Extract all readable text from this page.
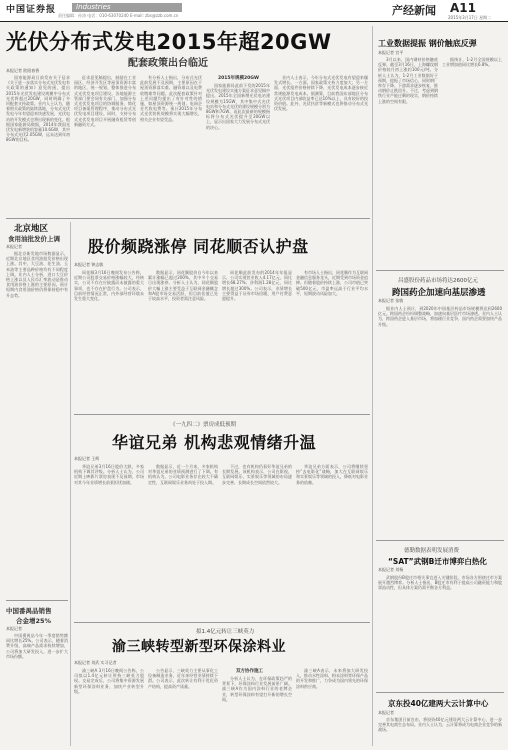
中国证券报	Industries
责任编辑：孙涛 电话：010-63070240 E-mail: zbs@zzb.com.cn	产经新闻 A11
2015年3月17日 星期二
光伏分布式发电2015年超20GW
配套政策出台临近
本报记者 欧阳春香

国家能源局日前发布关于征求《关于进一步落实分布式光伏发电有关政策的通知》意见的函，提出2015年光伏发电建设规模中分布式光伏将超过20GW，同时明确了多项配套支持政策。业内人士认为，随着相关政策的陆续落地，分布式光伏发电今年有望迎来快速发展，光伏电站的开发模式也将出现新的变化。根据国家能源局数据，2014年我国光伏发电新增装机容量10.6GW，其中分布式光伏2.05GW，远未达到年初8GW的目标。

征求意见稿提出，鼓励在工业园区、经济开发区等屋顶资源丰富的地区，统一规划、整体推进分布式光伏发电项目建设。各地能源主管部门要会同有关部门，加强分布式光伏发电项目的协调服务，简化项目备案管理程序，推动分布式光伏发电项目建设。同时，支持分布式光伏发电项目开展融资租赁等创新融资方式。

有分析人士指出，分布式光伏此前发展不及预期，主要原因在于屋顶资源落实难、融资难以及电费收缴难等问题。此次配套政策针对上述问题均提出了有针对性的措施，如屋顶资源统一规划、电网企业代收电费等。预计2015年分布式光伏装机规模将实现大幅增长，相关企业有望受益。

2015年规模20GW

国家能源局此前下发的2015年光伏发电建设实施方案征求意见稿中提出，2015年全国新增光伏电站建设规模为15GW，其中集中式光伏电站和分布式光伏的建设规模分别为8GW和7GW。而此次最新的规模指标将分布式光伏提升至20GW以上，显示出国家大力发展分布式光伏的决心。

业内人士表示，今年分布式光伏发电有望迎来爆发式增长。一方面，国家政策支持力度加大；另一方面，光伏组件价格持续下降，光伏发电成本逐步接近常规能源发电成本。据测算，目前我国东部地区分布式光伏项目内部收益率已达10%以上，具有较好的投资价值。此外，光伏扶贫等新模式也将推动分布式光伏发展。

北京地区
食用油批发价上调
本报记者

据北京新发地市场数据显示，近期北京地区食用油批发价格出现上涨。其中，大豆油、花生油、玉米油等主要品种价格均有不同程度上调。业内人士分析，进口大豆价格上涨以及人民币汇率波动是推动食用油价格上涨的主要原因。预计短期内食用油价格仍将保持稳中有升态势。

中国番禺品销售
合金增25%
本报记者

中国番禺品今年一季度销售额同比增长25%。公司表示，随着消费升级，高端产品需求持续增加，公司将加大研发投入，进一步扩大市场份额。

股价频跷涨停 同花顺否认护盘
本报记者 钟志敏

同花顺3月16日晚间发布公告称，近期公司股票交易价格涨幅较大，经核实，公司不存在应披露而未披露的重大事项，也不存在护盘行为。公司表示，目前经营情况正常，内外部经营环境未发生重大变化。

数据显示，同花顺股价自今年以来累计涨幅已超过200%，其中多个交易日出现涨停。分析人士认为，同花顺股价大幅上涨主要受益于互联网金融概念和A股市场交易活跃，但目前估值已处于较高水平，投资者需注意风险。

同花顺此前发布的2014年年报显示，公司实现营业收入4.17亿元，同比增长68.27%；净利润1.28亿元，同比增长超过300%。公司表示，业绩增长主要得益于证券市场回暖，用户付费意愿提升。

有市场人士指出，同花顺作为互联网金融信息服务龙头，近期受到市场资金追捧。但随着股价持续上涨，公司市值已突破500亿元，市盈率远高于行业平均水平，短期波动风险加大。

《一九四二》票房成低预期
华谊兄弟 机构悲观情绪升温
本报记者 王辉

华谊兄弟3月16日股价大跌，多家机构下调其评级。分析人士认为，公司近期上映影片票房表现不及预期，市场对其今年业绩增长前景担忧加剧。

数据显示，近一个月来，多家机构对华谊兄弟的业绩预测进行了下调。有机构认为，公司电影业务存在较大不确定性，互联网娱乐业务尚处于投入期。

不过，也有机构仍看好华谊兄弟的长期发展。该机构表示，公司在影视、互联网娱乐、实景娱乐等领域的布局逐步完善，长期成长空间依然较大。

华谊兄弟方面表示，公司将继续坚持“去电影化”战略，加大在互联网娱乐和实景娱乐等领域的投入，降低对电影业务的依赖。

拟1.4亿元转让三峡英力
渝三峡转型新型环保涂料业
本报记者 刘武 实习记者

渝三峡A 3月16日晚间公告称，公司拟以1.4亿元转让所持三峡英力股权。交易完成后，公司将集中资源发展新型环保涂料业务，加快产业转型升级。

公告显示，三峡英力主要从事化工设备制造业务，近年来经营业绩持续下滑。公司表示，此次转让有利于优化资产结构，提高资产质量。

双方协作施工

分析人士认为，在环保政策趋严的背景下，环保涂料行业发展前景广阔。渝三峡A作为国内涂料行业的老牌企业，转型环保涂料有望打开新的增长空间。

渝三峡A表示，未来将加大研发投入，推动水性涂料、粉末涂料等环保产品的开发和推广，力争成为国内领先的环保涂料供应商。

工业数据提振 钢价触底反弹
本报记者 官平

3月以来，国内钢材价格触底反弹。截至3月16日，上海螺纹钢价格较月初上涨约100元/吨。分析人士认为，1-2月工业数据好于预期，提振了市场信心，同时钢厂库存下降、下游需求逐步恢复，推动钢价止跌回升。不过，考虑到钢铁行业产能过剩的现实，钢价持续上涨的空间有限。

据统计，1-2月全国规模以上工业增加值同比增长6.8%。

昌盛股份药品市场将达2600亿元
跨国药企加速向基层渗透
本报记者 张敏

据业内人士预计，到2020年中国基层药品市场规模将达到2600亿元。跨国药企纷纷调整战略，加速向基层医疗市场渗透。业内人士认为，跨国药企进入基层市场，将加剧行业竞争，国内药企需要加快产品升级。

德勤数据表明发展消费
“SAT”武钢B迁市博弈白热化
本报记者 刘杨

武钢股份B股迁市相关事宜进入关键阶段。市场各方围绕迁市方案展开激烈博弈。分析人士指出，B股迁市有利于提高公司融资能力和股票流动性，但具体方案仍需平衡各方利益。

京东投40亿建两大云计算中心
本报记者

京东集团日前宣布，将投资40亿元建设两大云计算中心，进一步完善其电商生态布局。业内人士认为，云计算将成为电商企业竞争的新战场。
